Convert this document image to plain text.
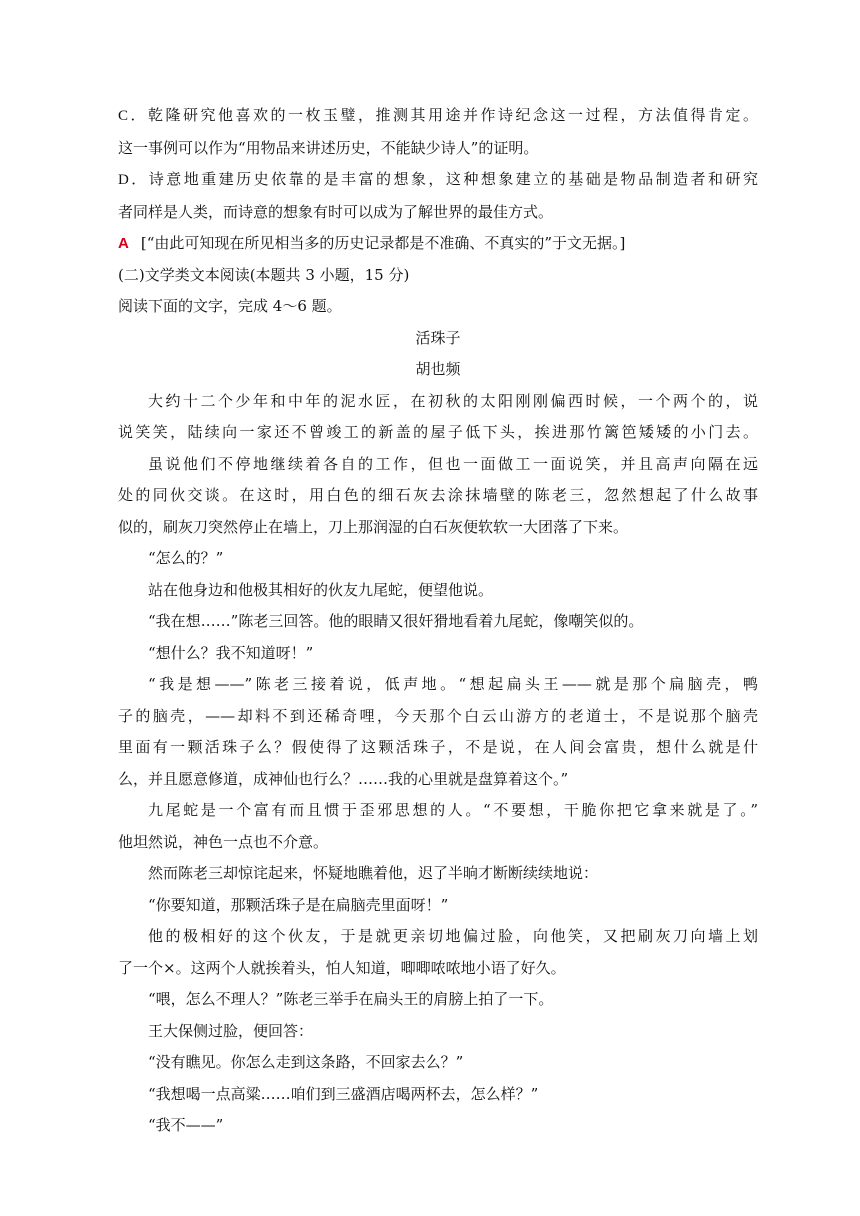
C．乾隆研究他喜欢的一枚玉璧，推测其用途并作诗纪念这一过程，方法值得肯定。

这一事例可以作为“用物品来讲述历史，不能缺少诗人”的证明。

D．诗意地重建历史依靠的是丰富的想象，这种想象建立的基础是物品制造者和研究

者同样是人类，而诗意的想象有时可以成为了解世界的最佳方式。

A [“由此可知现在所见相当多的历史记录都是不准确、不真实的”于文无据。]

(二)文学类文本阅读(本题共 3 小题，15 分)

阅读下面的文字，完成 4～6 题。

活珠子

胡也频

大约十二个少年和中年的泥水匠，在初秋的太阳刚刚偏西时候，一个两个的，说

说笑笑，陆续向一家还不曾竣工的新盖的屋子低下头，挨进那竹篱笆矮矮的小门去。

虽说他们不停地继续着各自的工作，但也一面做工一面说笑，并且高声向隔在远

处的同伙交谈。在这时，用白色的细石灰去涂抹墙壁的陈老三，忽然想起了什么故事

似的，刷灰刀突然停止在墙上，刀上那润湿的白石灰便软软一大团落了下来。

“怎么的？”

站在他身边和他极其相好的伙友九尾蛇，便望他说。

“我在想……”陈老三回答。他的眼睛又很奸猾地看着九尾蛇，像嘲笑似的。

“想什么？我不知道呀！”

“我是想——”陈老三接着说，低声地。“想起扁头王——就是那个扁脑壳，鸭

子的脑壳，——却料不到还稀奇哩，今天那个白云山游方的老道士，不是说那个脑壳

里面有一颗活珠子么？假使得了这颗活珠子，不是说，在人间会富贵，想什么就是什

么，并且愿意修道，成神仙也行么？……我的心里就是盘算着这个。”

九尾蛇是一个富有而且惯于歪邪思想的人。“不要想，干脆你把它拿来就是了。”

他坦然说，神色一点也不介意。

然而陈老三却惊诧起来，怀疑地瞧着他，迟了半晌才断断续续地说：

“你要知道，那颗活珠子是在扁脑壳里面呀！”

他的极相好的这个伙友，于是就更亲切地偏过脸，向他笑，又把刷灰刀向墙上划

了一个×。这两个人就挨着头，怕人知道，唧唧哝哝地小语了好久。

“喂，怎么不理人？”陈老三举手在扁头王的肩膀上拍了一下。

王大保侧过脸，便回答：

“没有瞧见。你怎么走到这条路，不回家去么？”

“我想喝一点高粱……咱们到三盛酒店喝两杯去，怎么样？”

“我不——”
